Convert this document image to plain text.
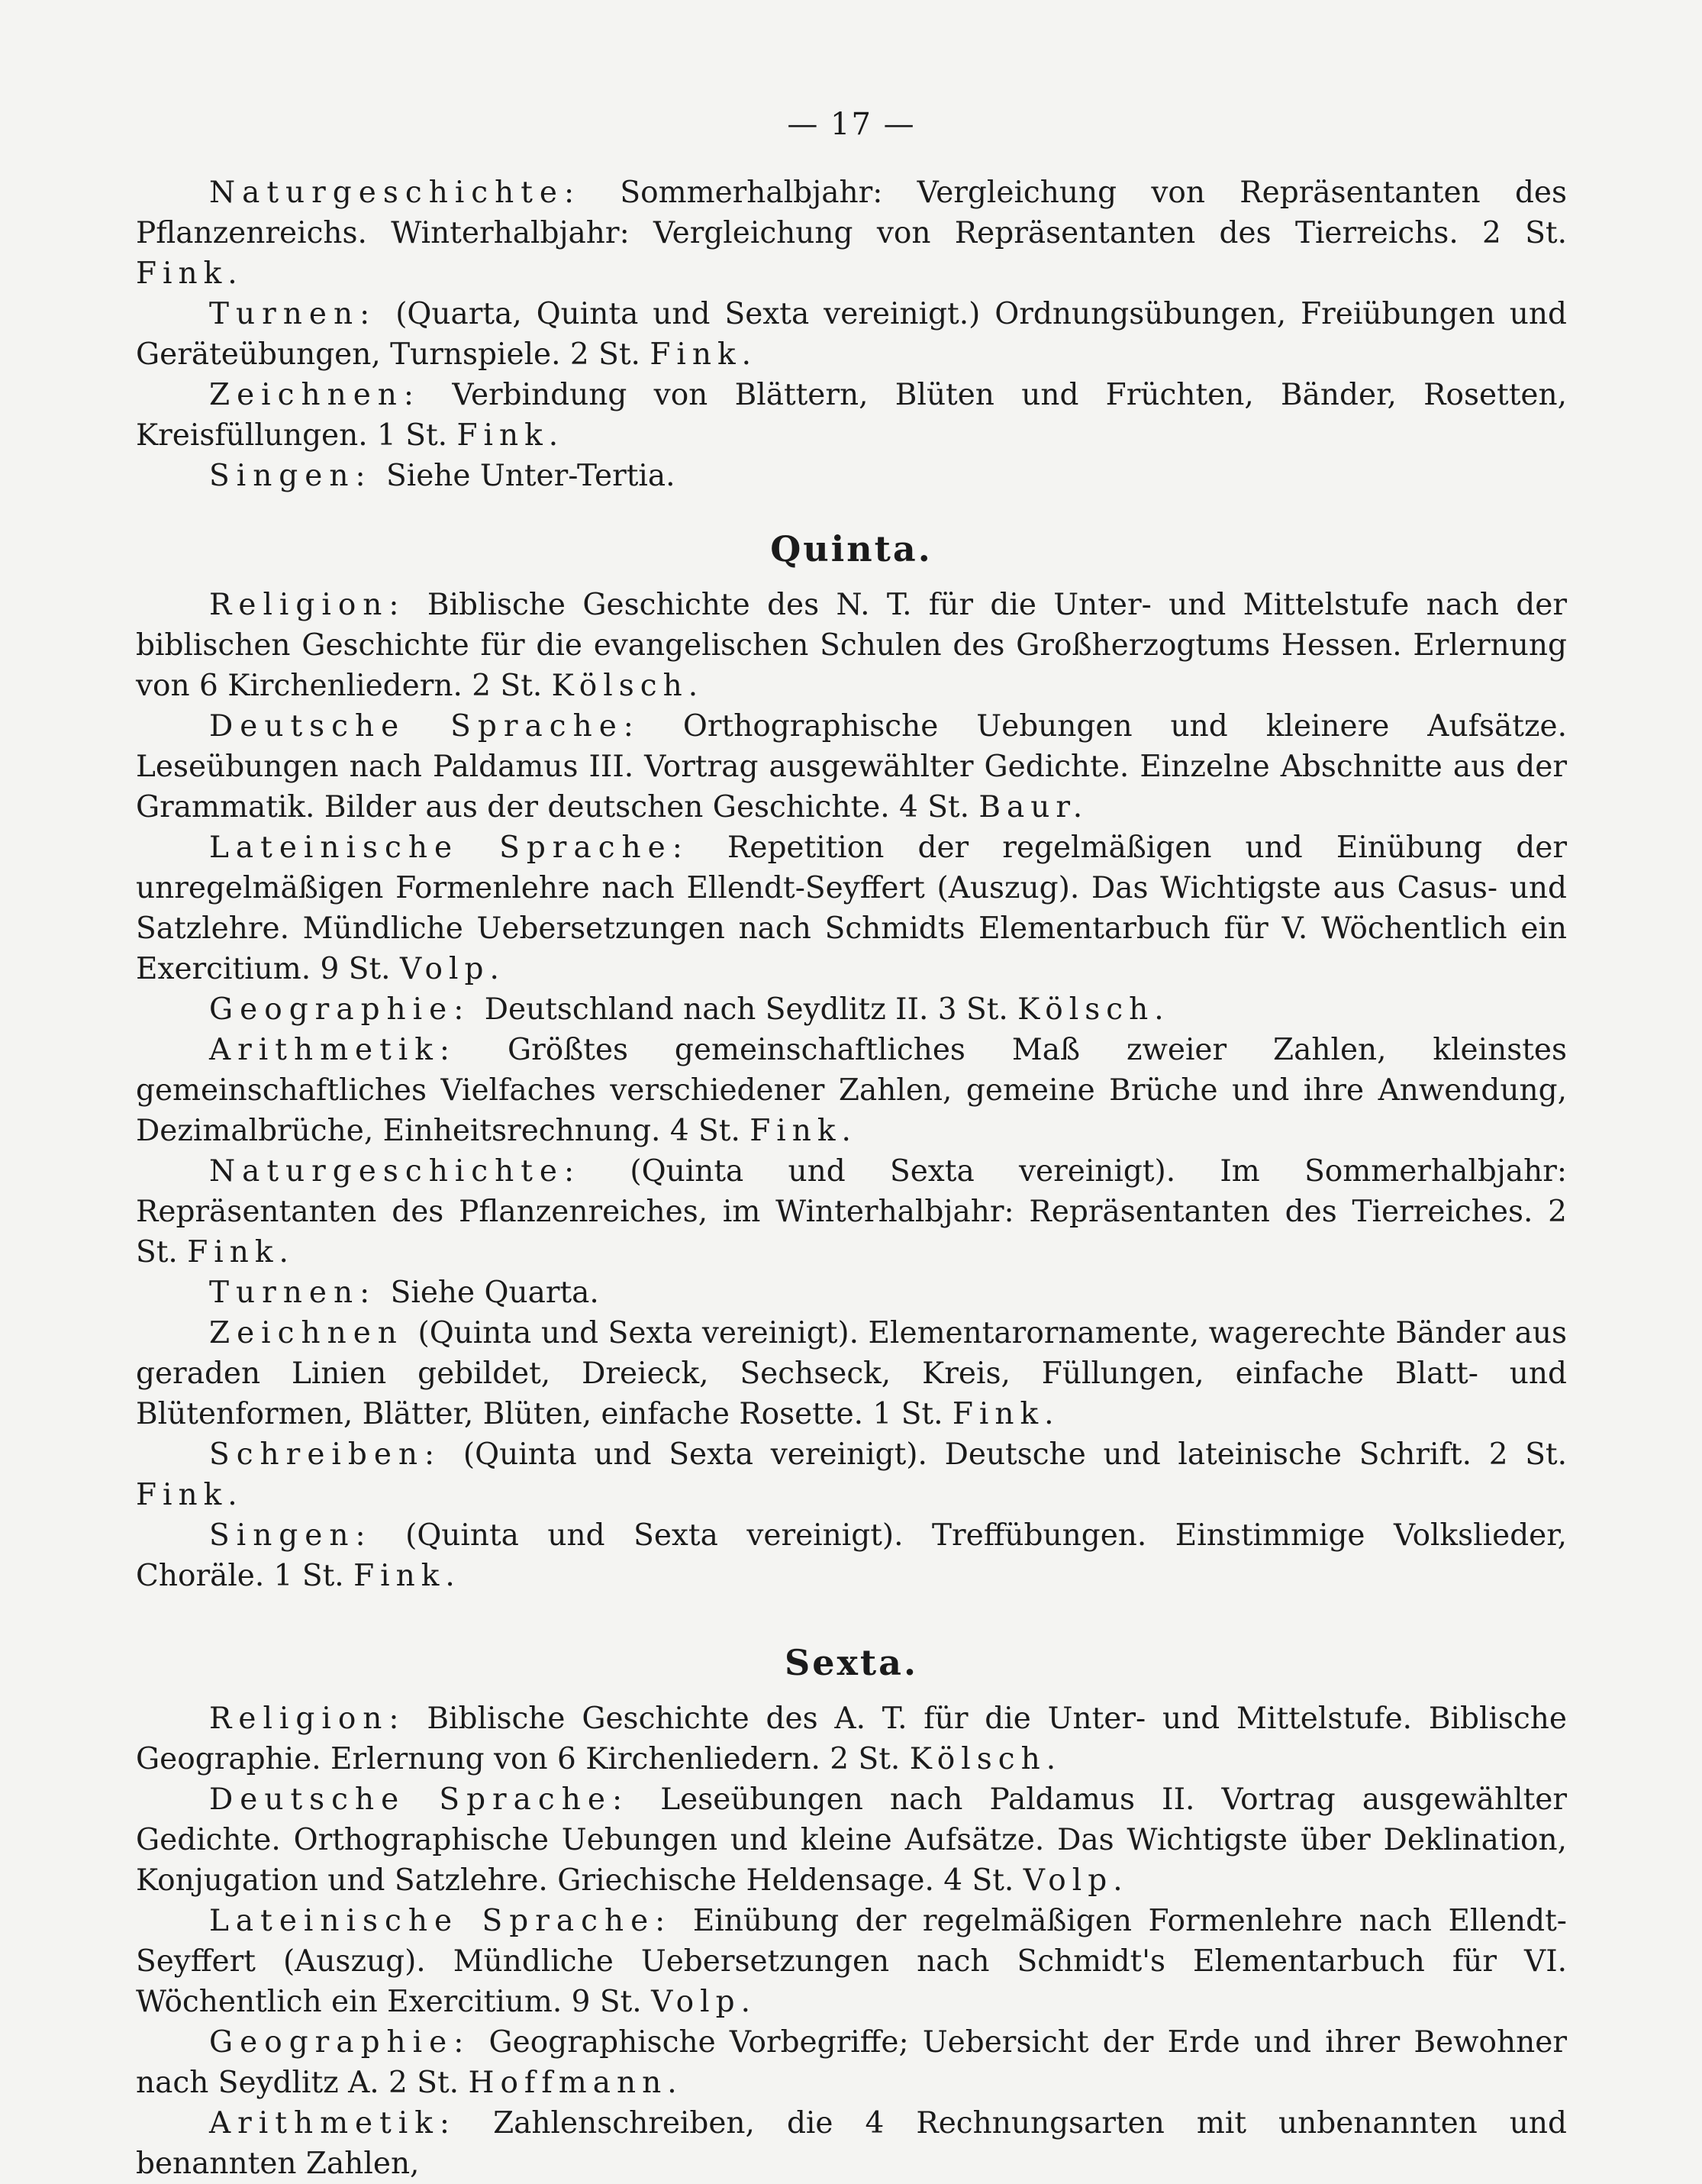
— 17 —

Naturgeschichte: Sommerhalbjahr: Vergleichung von Repräsentanten des Pflanzenreichs. Winterhalbjahr: Vergleichung von Repräsentanten des Tierreichs. 2 St. Fink.

Turnen: (Quarta, Quinta und Sexta vereinigt.) Ordnungsübungen, Freiübungen und Geräteübungen, Turnspiele. 2 St. Fink.

Zeichnen: Verbindung von Blättern, Blüten und Früchten, Bänder, Rosetten, Kreisfüllungen. 1 St. Fink.

Singen: Siehe Unter-Tertia.

Quinta.

Religion: Biblische Geschichte des N. T. für die Unter- und Mittelstufe nach der biblischen Geschichte für die evangelischen Schulen des Großherzogtums Hessen. Erlernung von 6 Kirchenliedern. 2 St. Kölsch.

Deutsche Sprache: Orthographische Uebungen und kleinere Aufsätze. Leseübungen nach Paldamus III. Vortrag ausgewählter Gedichte. Einzelne Abschnitte aus der Grammatik. Bilder aus der deutschen Geschichte. 4 St. Baur.

Lateinische Sprache: Repetition der regelmäßigen und Einübung der unregelmäßigen Formenlehre nach Ellendt-Seyffert (Auszug). Das Wichtigste aus Casus- und Satzlehre. Mündliche Uebersetzungen nach Schmidts Elementarbuch für V. Wöchentlich ein Exercitium. 9 St. Volp.

Geographie: Deutschland nach Seydlitz II. 3 St. Kölsch.

Arithmetik: Größtes gemeinschaftliches Maß zweier Zahlen, kleinstes gemeinschaftliches Vielfaches verschiedener Zahlen, gemeine Brüche und ihre Anwendung, Dezimalbrüche, Einheitsrechnung. 4 St. Fink.

Naturgeschichte: (Quinta und Sexta vereinigt). Im Sommerhalbjahr: Repräsentanten des Pflanzenreiches, im Winterhalbjahr: Repräsentanten des Tierreiches. 2 St. Fink.

Turnen: Siehe Quarta.

Zeichnen (Quinta und Sexta vereinigt). Elementarornamente, wagerechte Bänder aus geraden Linien gebildet, Dreieck, Sechseck, Kreis, Füllungen, einfache Blatt- und Blütenformen, Blätter, Blüten, einfache Rosette. 1 St. Fink.

Schreiben: (Quinta und Sexta vereinigt). Deutsche und lateinische Schrift. 2 St. Fink.

Singen: (Quinta und Sexta vereinigt). Treffübungen. Einstimmige Volkslieder, Choräle. 1 St. Fink.

Sexta.

Religion: Biblische Geschichte des A. T. für die Unter- und Mittelstufe. Biblische Geographie. Erlernung von 6 Kirchenliedern. 2 St. Kölsch.

Deutsche Sprache: Leseübungen nach Paldamus II. Vortrag ausgewählter Gedichte. Orthographische Uebungen und kleine Aufsätze. Das Wichtigste über Deklination, Konjugation und Satzlehre. Griechische Heldensage. 4 St. Volp.

Lateinische Sprache: Einübung der regelmäßigen Formenlehre nach Ellendt-Seyffert (Auszug). Mündliche Uebersetzungen nach Schmidt's Elementarbuch für VI. Wöchentlich ein Exercitium. 9 St. Volp.

Geographie: Geographische Vorbegriffe; Uebersicht der Erde und ihrer Bewohner nach Seydlitz A. 2 St. Hoffmann.

Arithmetik: Zahlenschreiben, die 4 Rechnungsarten mit unbenannten und benannten Zahlen,
